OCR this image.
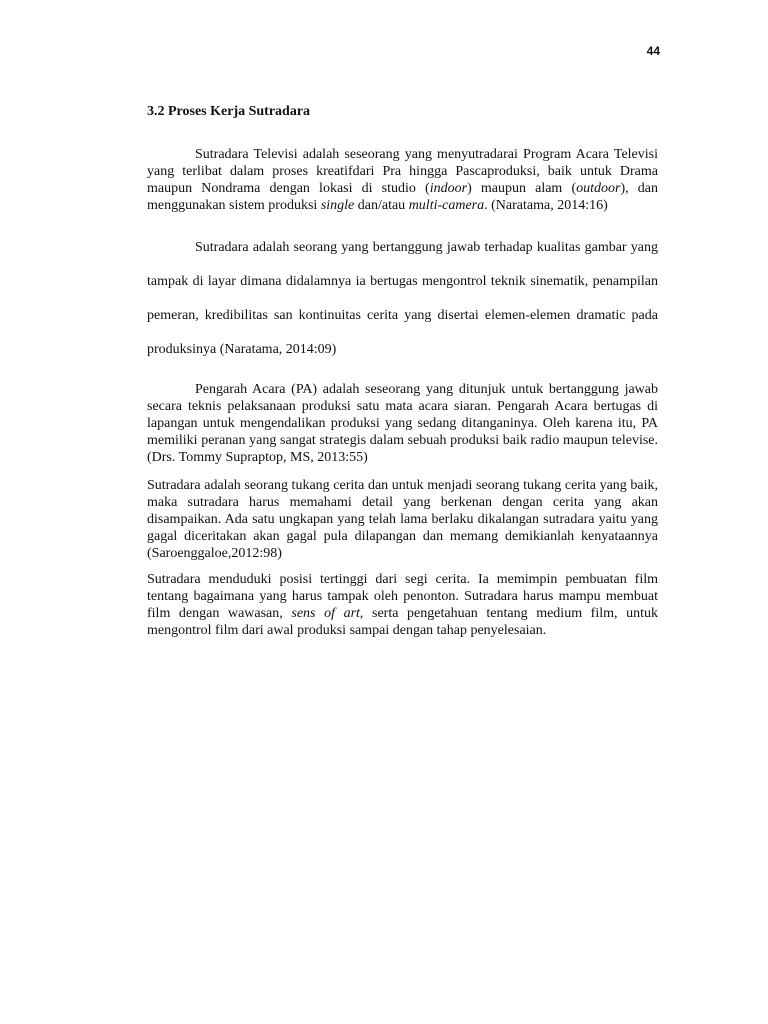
44
3.2 Proses Kerja Sutradara

Sutradara Televisi adalah seseorang yang menyutradarai Program Acara Televisi yang terlibat dalam proses kreatifdari Pra hingga Pascaproduksi, baik untuk Drama maupun Nondrama dengan lokasi di studio (indoor) maupun alam (outdoor), dan menggunakan sistem produksi single dan/atau multi-camera. (Naratama, 2014:16)

Sutradara adalah seorang yang bertanggung jawab terhadap kualitas gambar yang tampak di layar dimana didalamnya ia bertugas mengontrol teknik sinematik, penampilan pemeran, kredibilitas san kontinuitas cerita yang disertai elemen-elemen dramatic pada produksinya (Naratama, 2014:09)

Pengarah Acara (PA) adalah seseorang yang ditunjuk untuk bertanggung jawab secara teknis pelaksanaan produksi satu mata acara siaran. Pengarah Acara bertugas di lapangan untuk mengendalikan produksi yang sedang ditanganinya. Oleh karena itu, PA memiliki peranan yang sangat strategis dalam sebuah produksi baik radio maupun televise. (Drs. Tommy Supraptop, MS, 2013:55)

Sutradara adalah seorang tukang cerita dan untuk menjadi seorang tukang cerita yang baik, maka sutradara harus memahami detail yang berkenan dengan cerita yang akan disampaikan. Ada satu ungkapan yang telah lama berlaku dikalangan sutradara yaitu yang gagal diceritakan akan gagal pula dilapangan dan memang demikianlah kenyataannya (Saroenggaloe,2012:98)

Sutradara menduduki posisi tertinggi dari segi cerita. Ia memimpin pembuatan film tentang bagaimana yang harus tampak oleh penonton. Sutradara harus mampu membuat film dengan wawasan, sens of art, serta pengetahuan tentang medium film, untuk mengontrol film dari awal produksi sampai dengan tahap penyelesaian.
